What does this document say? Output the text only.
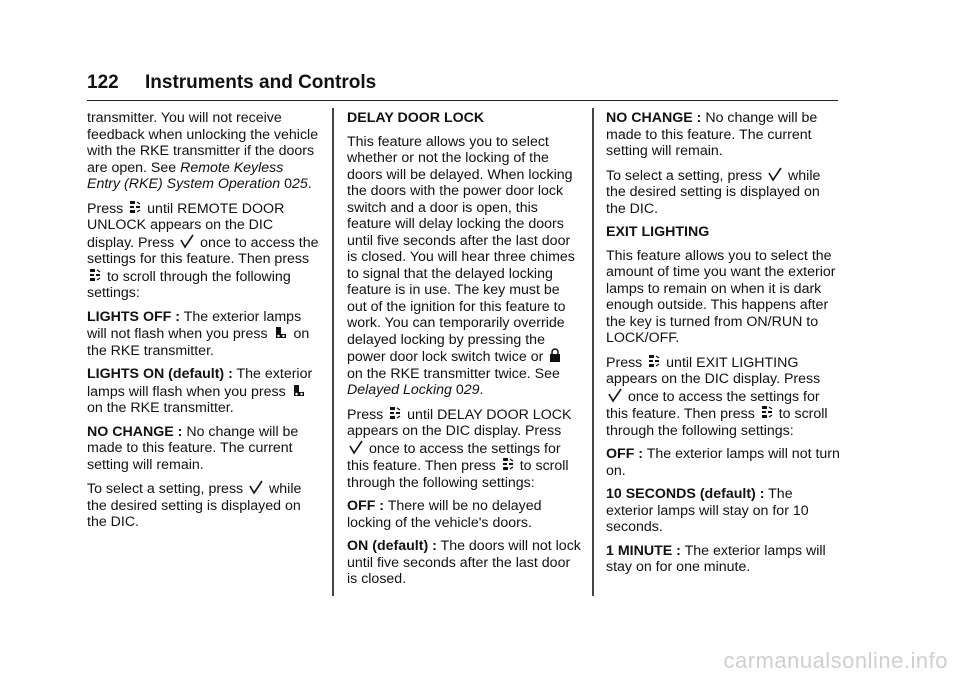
122 Instruments and Controls

transmitter. You will not receive feedback when unlocking the vehicle with the RKE transmitter if the doors are open. See Remote Keyless Entry (RKE) System Operation 025.

Press until REMOTE DOOR UNLOCK appears on the DIC display. Press once to access the settings for this feature. Then press
to scroll through the following settings:

LIGHTS OFF : The exterior lamps will not flash when you press on the RKE transmitter.

LIGHTS ON (default) : The exterior lamps will flash when you press
on the RKE transmitter.

NO CHANGE : No change will be made to this feature. The current setting will remain.

To select a setting, press while the desired setting is displayed on the DIC.

DELAY DOOR LOCK

This feature allows you to select whether or not the locking of the doors will be delayed. When locking the doors with the power door lock switch and a door is open, this feature will delay locking the doors until five seconds after the last door is closed. You will hear three chimes to signal that the delayed locking feature is in use. The key must be out of the ignition for this feature to work. You can temporarily override delayed locking by pressing the power door lock switch twice or
on the RKE transmitter twice. See Delayed Locking 029.

Press until DELAY DOOR LOCK appears on the DIC display. Press
once to access the settings for this feature. Then press to scroll through the following settings:

OFF : There will be no delayed locking of the vehicle's doors.

ON (default) : The doors will not lock until five seconds after the last door is closed.

NO CHANGE : No change will be made to this feature. The current setting will remain.

To select a setting, press while the desired setting is displayed on the DIC.

EXIT LIGHTING

This feature allows you to select the amount of time you want the exterior lamps to remain on when it is dark enough outside. This happens after the key is turned from ON/RUN to LOCK/OFF.

Press until EXIT LIGHTING appears on the DIC display. Press
once to access the settings for this feature. Then press to scroll through the following settings:

OFF : The exterior lamps will not turn on.

10 SECONDS (default) : The exterior lamps will stay on for 10 seconds.

1 MINUTE : The exterior lamps will stay on for one minute.

carmanualsonline.info
